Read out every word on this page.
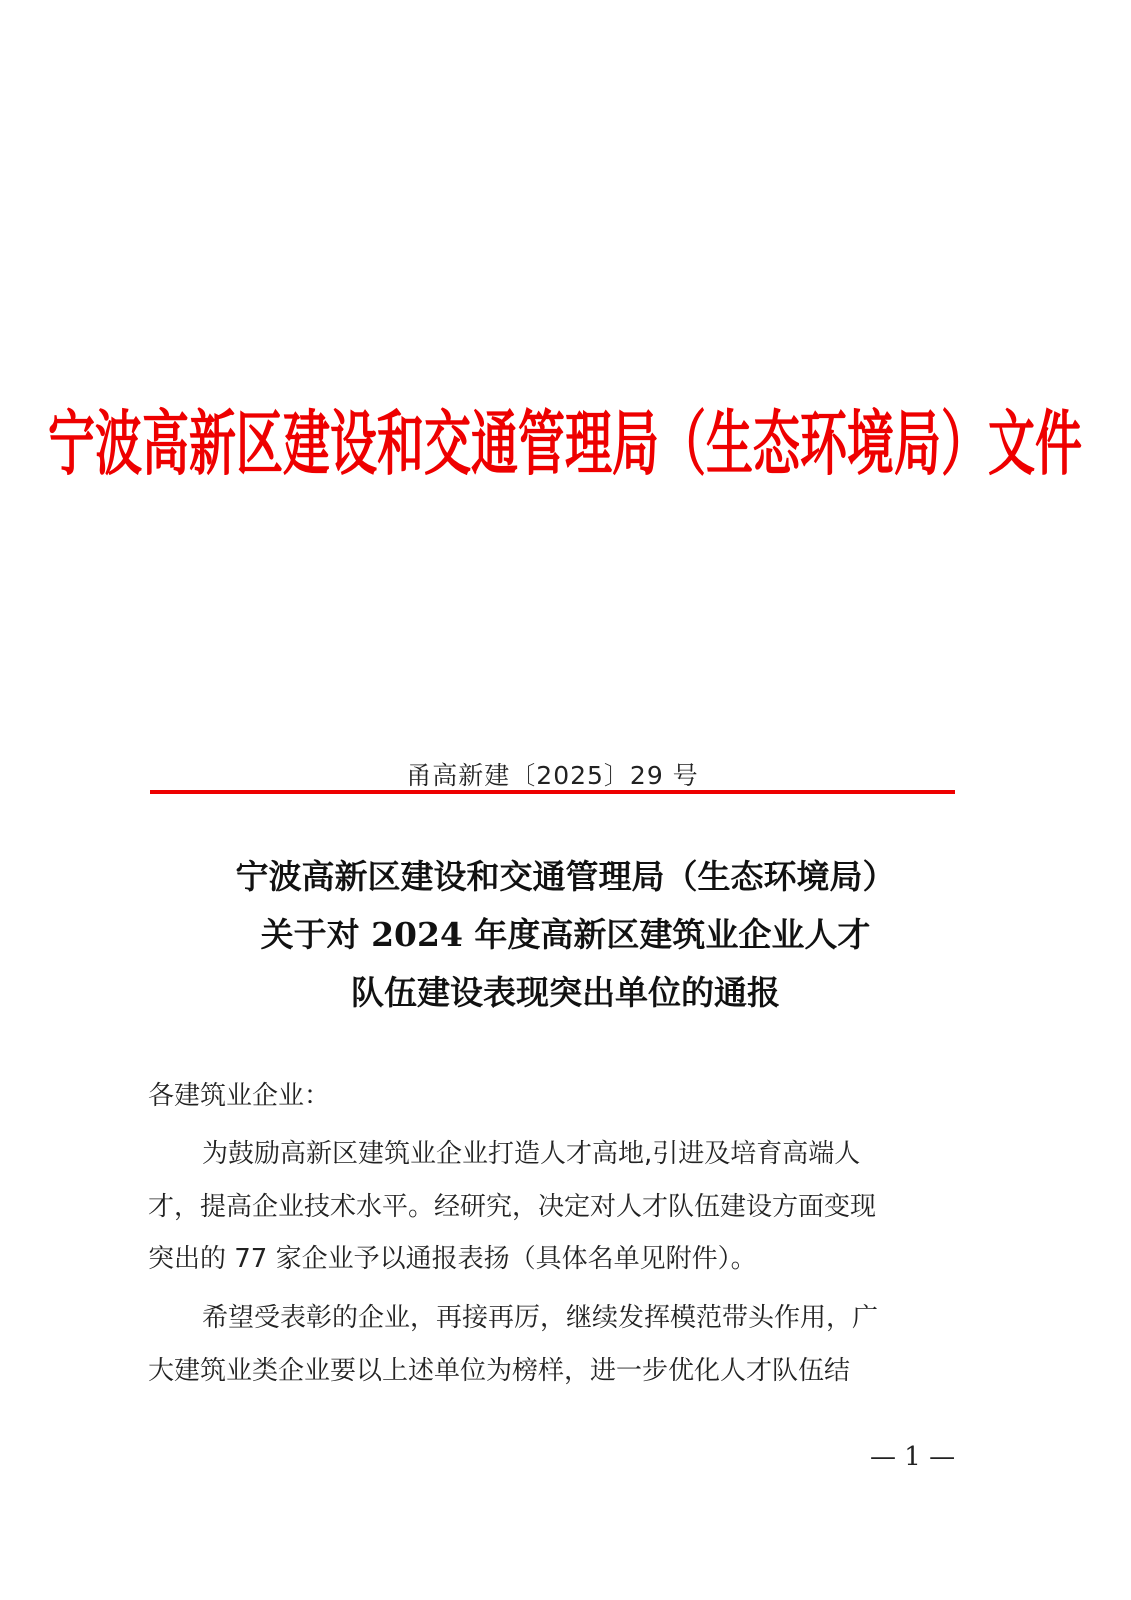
宁波高新区建设和交通管理局（生态环境局）文件
甬高新建〔2025〕29 号
宁波高新区建设和交通管理局（生态环境局）
关于对 2024 年度高新区建筑业企业人才
队伍建设表现突出单位的通报
各建筑业企业：
为鼓励高新区建筑业企业打造人才高地,引进及培育高端人
才，提高企业技术水平。经研究，决定对人才队伍建设方面变现
突出的 77 家企业予以通报表扬（具体名单见附件）。
希望受表彰的企业，再接再厉，继续发挥模范带头作用，广
大建筑业类企业要以上述单位为榜样，进一步优化人才队伍结
— 1 —
